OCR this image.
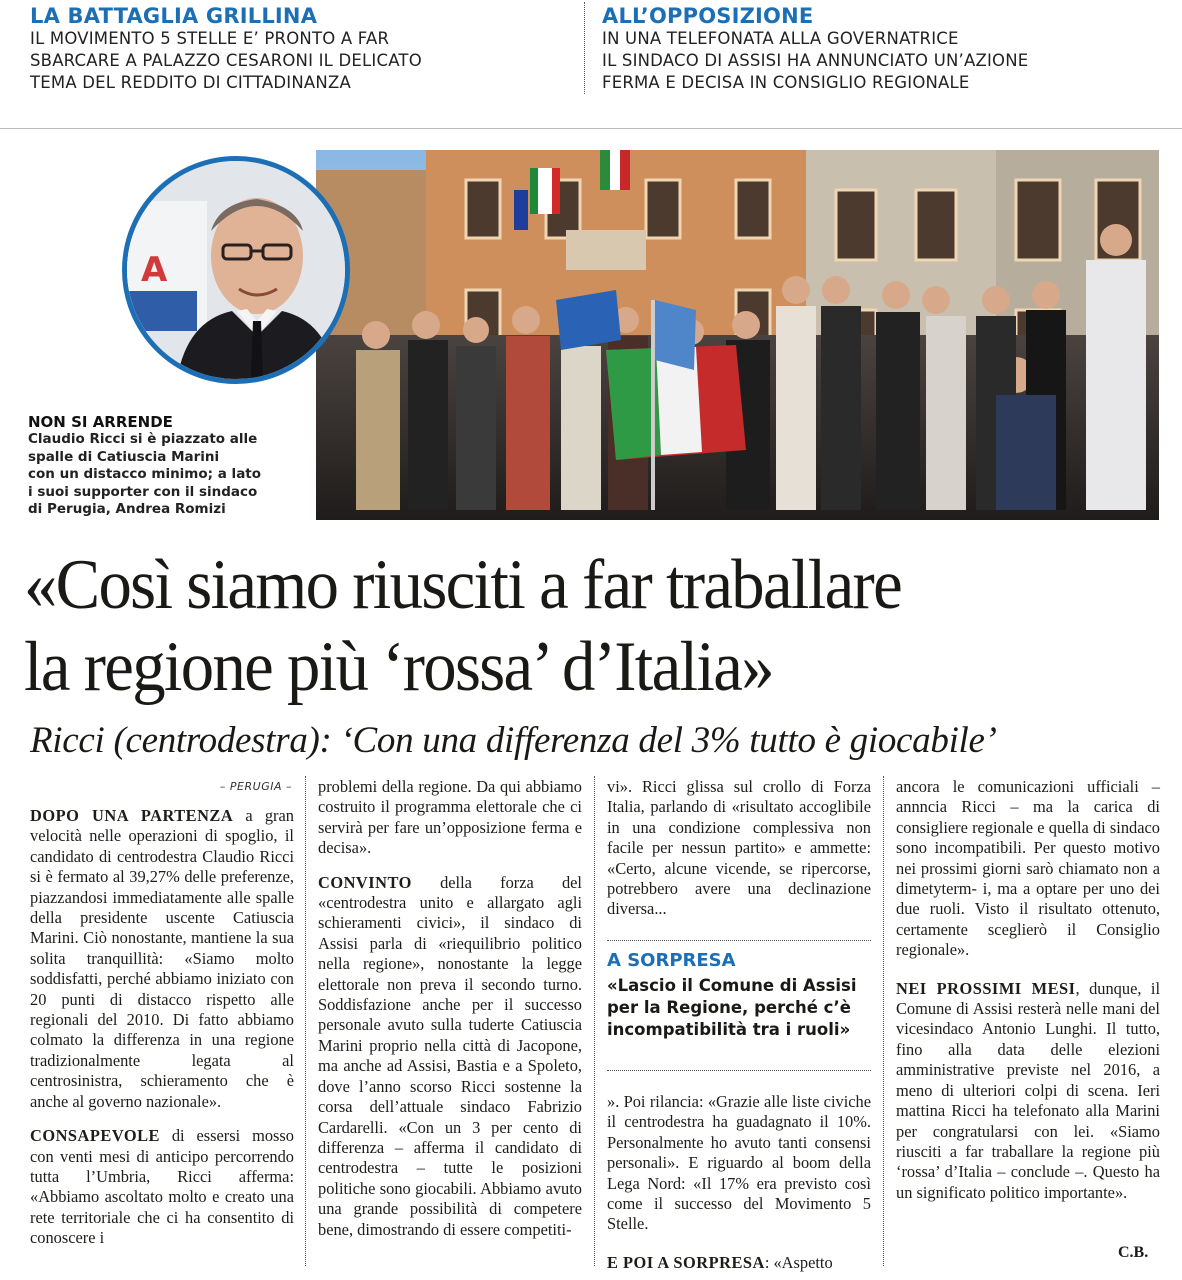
LA BATTAGLIA GRILLINA
IL MOVIMENTO 5 STELLE E’ PRONTO A FAR
SBARCARE A PALAZZO CESARONI IL DELICATO
TEMA DEL REDDITO DI CITTADINANZA
ALL’OPPOSIZIONE
IN UNA TELEFONATA ALLA GOVERNATRICE
IL SINDACO DI ASSISI HA ANNUNCIATO UN’AZIONE
FERMA E DECISA IN CONSIGLIO REGIONALE
A
NON SI ARRENDE
Claudio Ricci si è piazzato alle
spalle di Catiuscia Marini
con un distacco minimo; a lato
i suoi supporter con il sindaco
di Perugia, Andrea Romizi
«Così siamo riusciti a far traballare
la regione più ‘rossa’ d’Italia»
Ricci (centrodestra): ‘Con una differenza del 3% tutto è giocabile’
– PERUGIA –

DOPO UNA PARTENZA a gran velocità nelle operazioni di spoglio, il candidato di centrodestra Claudio Ricci si è fermato al 39,27% delle preferenze, piazzandosi immediatamente alle spalle della presidente uscente Catiuscia Marini. Ciò nonostante, mantiene la sua solita tranquillità: «Siamo molto soddisfatti, perché abbiamo iniziato con 20 punti di distacco rispetto alle regionali del 2010. Di fatto abbiamo colmato la differenza in una regione tradizionalmente legata al centrosinistra, schieramento che è anche al governo nazionale».

CONSAPEVOLE di essersi mosso con venti mesi di anticipo percorrendo tutta l’Umbria, Ricci afferma: «Abbiamo ascoltato molto e creato una rete territoriale che ci ha consentito di conoscere i

problemi della regione. Da qui abbiamo costruito il programma elettorale che ci servirà per fare un’opposizione ferma e decisa».

CONVINTO della forza del «centrodestra unito e allargato agli schieramenti civici», il sindaco di Assisi parla di «riequilibrio politico nella regione», nonostante la legge elettorale non preva il secondo turno. Soddisfazione anche per il successo personale avuto sulla tuderte Catiuscia Marini proprio nella città di Jacopone, ma anche ad Assisi, Bastia e a Spoleto, dove l’anno scorso Ricci sostenne la corsa dell’attuale sindaco Fabrizio Cardarelli. «Con un 3 per cento di differenza – afferma il candidato di centrodestra – tutte le posizioni politiche sono giocabili. Abbiamo avuto una grande possibilità di competere bene, dimostrando di essere competiti-

vi». Ricci glissa sul crollo di Forza Italia, parlando di «risultato accoglibile in una condizione complessiva non facile per nessun partito» e ammette: «Certo, alcune vicende, se ripercorse, potrebbero avere una declinazione diversa...

A SORPRESA
«Lascio il Comune di Assisi per la Regione, perché c’è incompatibilità tra i ruoli»

». Poi rilancia: «Grazie alle liste civiche il centrodestra ha guadagnato il 10%. Personalmente ho avuto tanti consensi personali». E riguardo al boom della Lega Nord: «Il 17% era previsto così come il successo del Movimento 5 Stelle.

E POI A SORPRESA: «Aspetto

ancora le comunicazioni ufficiali – annncia Ricci – ma la carica di consigliere regionale e quella di sindaco sono incompatibili. Per questo motivo nei prossimi giorni sarò chiamato non a dimetyterm- i, ma a optare per uno dei due ruoli. Visto il risultato ottenuto, certamente sceglierò il Consiglio regionale».

NEI PROSSIMI MESI, dunque, il Comune di Assisi resterà nelle mani del vicesindaco Antonio Lunghi. Il tutto, fino alla data delle elezioni amministrative previste nel 2016, a meno di ulteriori colpi di scena. Ieri mattina Ricci ha telefonato alla Marini per congratularsi con lei. «Siamo riusciti a far traballare la regione più ‘rossa’ d’Italia – conclude –. Questo ha un significato politico importante».

C.B.
